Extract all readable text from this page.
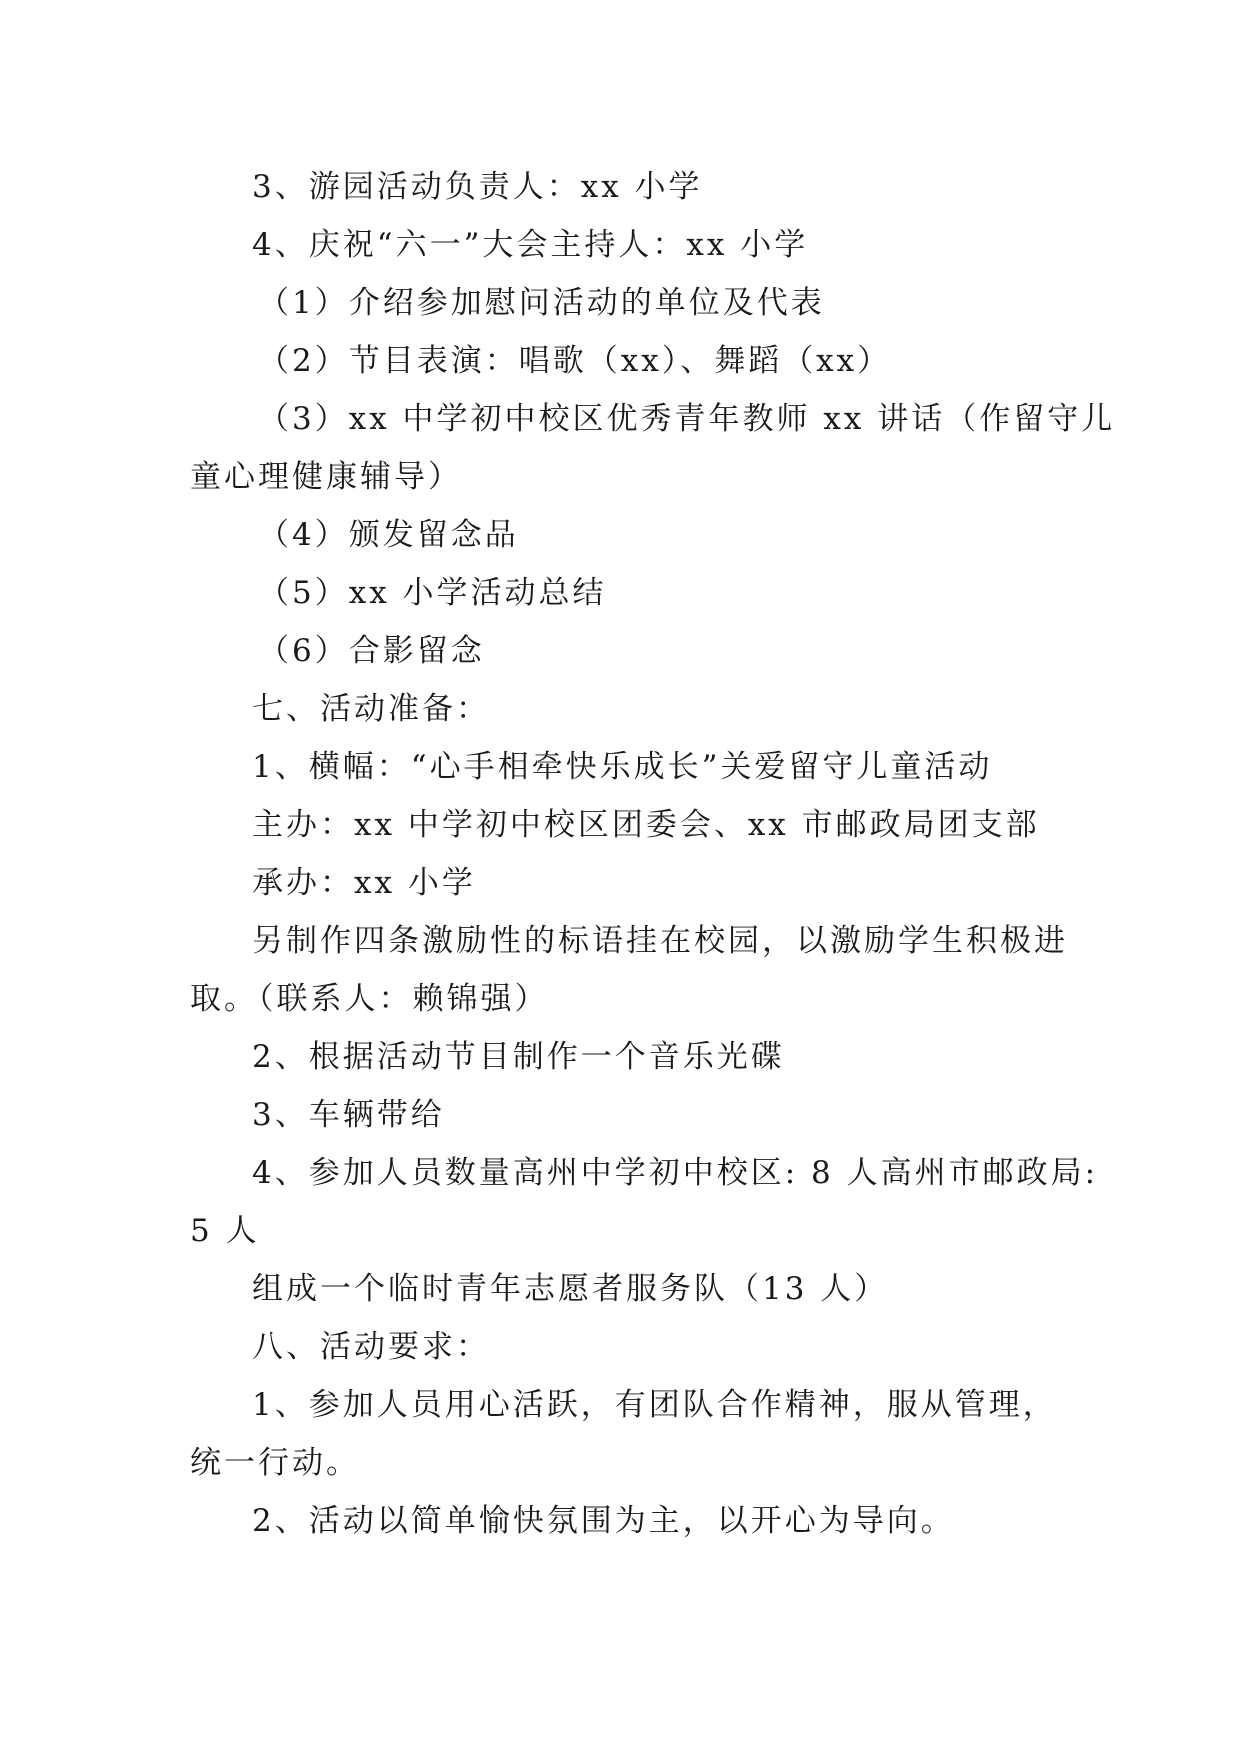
3、游园活动负责人：xx 小学

4、庆祝“六一”大会主持人：xx 小学

（1）介绍参加慰问活动的单位及代表

（2）节目表演：唱歌（xx）、舞蹈（xx）

（3）xx 中学初中校区优秀青年教师 xx 讲话（作留守儿

童心理健康辅导）

（4）颁发留念品

（5）xx 小学活动总结

（6）合影留念

七、活动准备：

1、横幅：“心手相牵快乐成长”关爱留守儿童活动

主办：xx 中学初中校区团委会、xx 市邮政局团支部

承办：xx 小学

另制作四条激励性的标语挂在校园，以激励学生积极进

取。（联系人：赖锦强）

2、根据活动节目制作一个音乐光碟

3、车辆带给

4、参加人员数量高州中学初中校区: 8 人高州市邮政局:

5 人

组成一个临时青年志愿者服务队（13 人）

八、活动要求：

1、参加人员用心活跃，有团队合作精神，服从管理，

统一行动。

2、活动以简单愉快氛围为主，以开心为导向。
